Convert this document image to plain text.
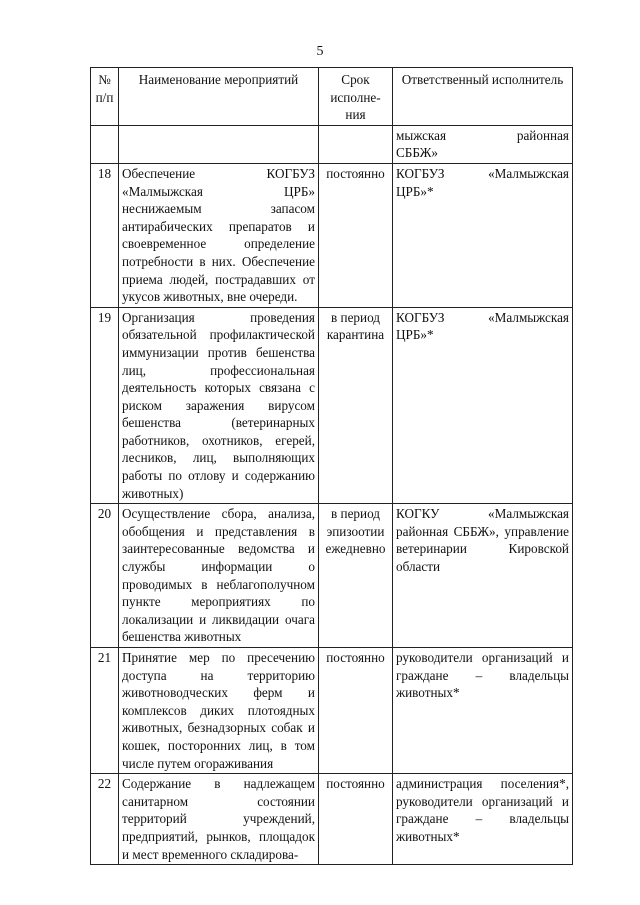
5
№ п/п	Наименование мероприятий	Срок исполне-ния	Ответственный исполнитель

			мыжская районная
СББЖ»

18	Обеспечение КОГБУЗ «Малмыжская ЦРБ» неснижаемым запасом антирабических препаратов и своевременное определение потребности в них. Обеспечение приема людей, пострадавших от укусов животных, вне очереди.	постоянно	КОГБУЗ «Малмыжская ЦРБ»*
19	Организация проведения обязательной профилактической иммунизации против бешенства лиц, профессиональная деятельность которых связана с риском заражения вирусом бешенства (ветеринарных работников, охотников, егерей, лесников, лиц, выполняющих работы по отлову и содержанию животных)	в период карантина	КОГБУЗ «Малмыжская ЦРБ»*
20	Осуществление сбора, анализа, обобщения и представления в заинтересованные ведомства и службы информации о проводимых в неблагополучном пункте мероприятиях по локализации и ликвидации очага бешенства животных	в период эпизоотии ежедневно	КОГКУ «Малмыжская районная СББЖ», управление ветеринарии Кировской области
21	Принятие мер по пресечению доступа на территорию животноводческих ферм и комплексов диких плотоядных животных, безнадзорных собак и кошек, посторонних лиц, в том числе путем огораживания	постоянно	руководители организаций и граждане – владельцы животных*
22	Содержание в надлежащем санитарном состоянии территорий учреждений, предприятий, рынков, площадок и мест временного складирова-	постоянно	администрация поселения*, руководители организаций и граждане – владельцы животных*
